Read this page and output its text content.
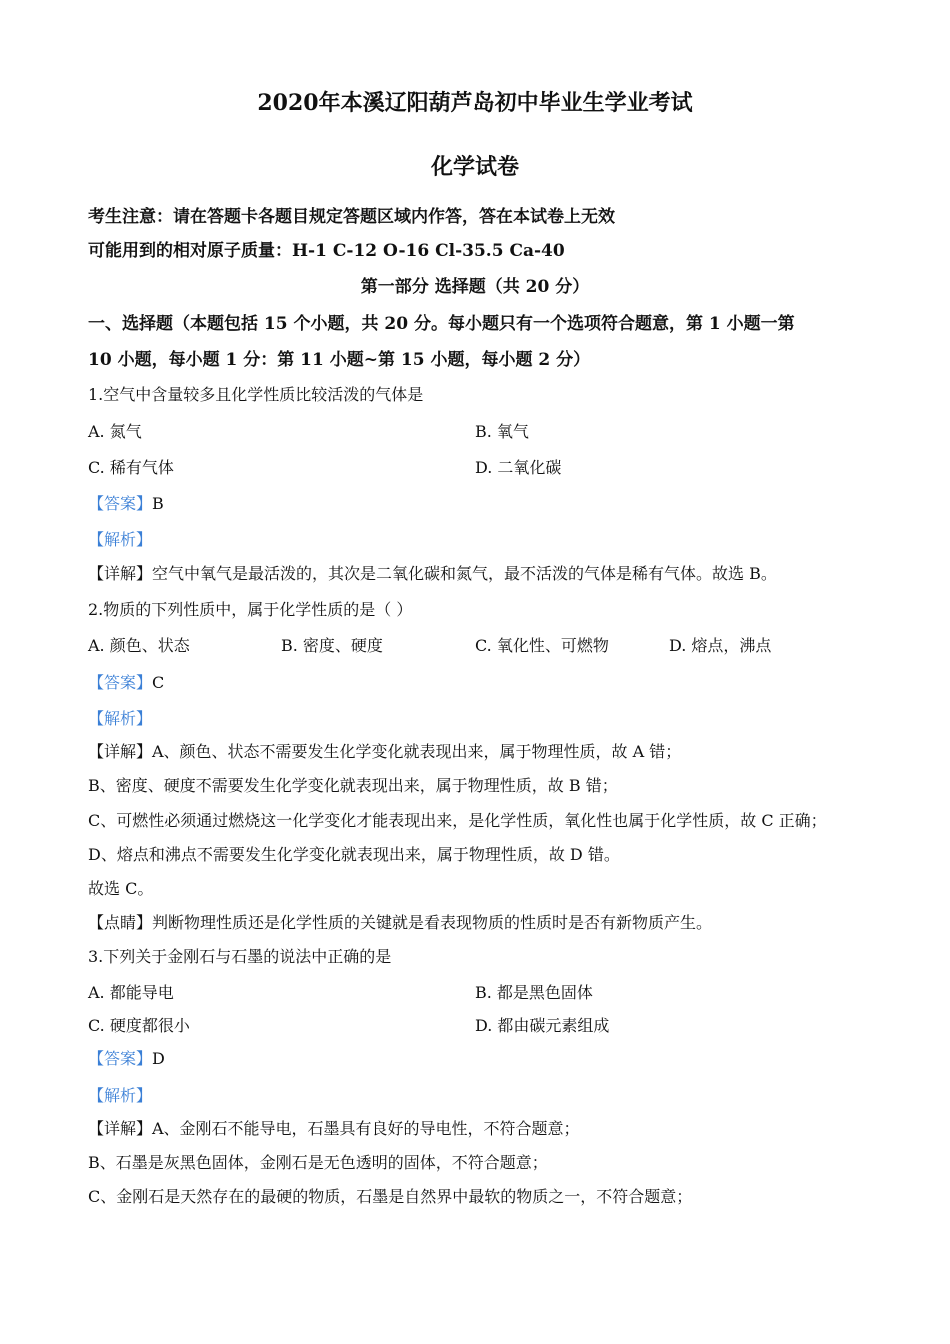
2020年本溪辽阳葫芦岛初中毕业生学业考试
化学试卷
考生注意：请在答题卡各题目规定答题区域内作答，答在本试卷上无效
可能用到的相对原子质量：H-1 C-12 O-16 Cl-35.5 Ca-40
第一部分 选择题（共 20 分）
一、选择题（本题包括 15 个小题，共 20 分。每小题只有一个选项符合题意，第 1 小题一第
10 小题，每小题 1 分：第 11 小题~第 15 小题，每小题 2 分）
1.空气中含量较多且化学性质比较活泼的气体是
A. 氮气	B. 氧气
C. 稀有气体	D. 二氧化碳
【答案】B
【解析】
【详解】空气中氧气是最活泼的，其次是二氧化碳和氮气，最不活泼的气体是稀有气体。故选 B。
2.物质的下列性质中，属于化学性质的是（ ）
A. 颜色、状态	B. 密度、硬度	C. 氧化性、可燃物	D. 熔点，沸点
【答案】C
【解析】
【详解】A、颜色、状态不需要发生化学变化就表现出来，属于物理性质，故 A 错；
B、密度、硬度不需要发生化学变化就表现出来，属于物理性质，故 B 错；
C、可燃性必须通过燃烧这一化学变化才能表现出来，是化学性质，氧化性也属于化学性质，故 C 正确；
D、熔点和沸点不需要发生化学变化就表现出来，属于物理性质，故 D 错。
故选 C。
【点睛】判断物理性质还是化学性质的关键就是看表现物质的性质时是否有新物质产生。
3.下列关于金刚石与石墨的说法中正确的是
A. 都能导电	B. 都是黑色固体
C. 硬度都很小	D. 都由碳元素组成
【答案】D
【解析】
【详解】A、金刚石不能导电，石墨具有良好的导电性，不符合题意；
B、石墨是灰黑色固体，金刚石是无色透明的固体，不符合题意；
C、金刚石是天然存在的最硬的物质，石墨是自然界中最软的物质之一，不符合题意；
